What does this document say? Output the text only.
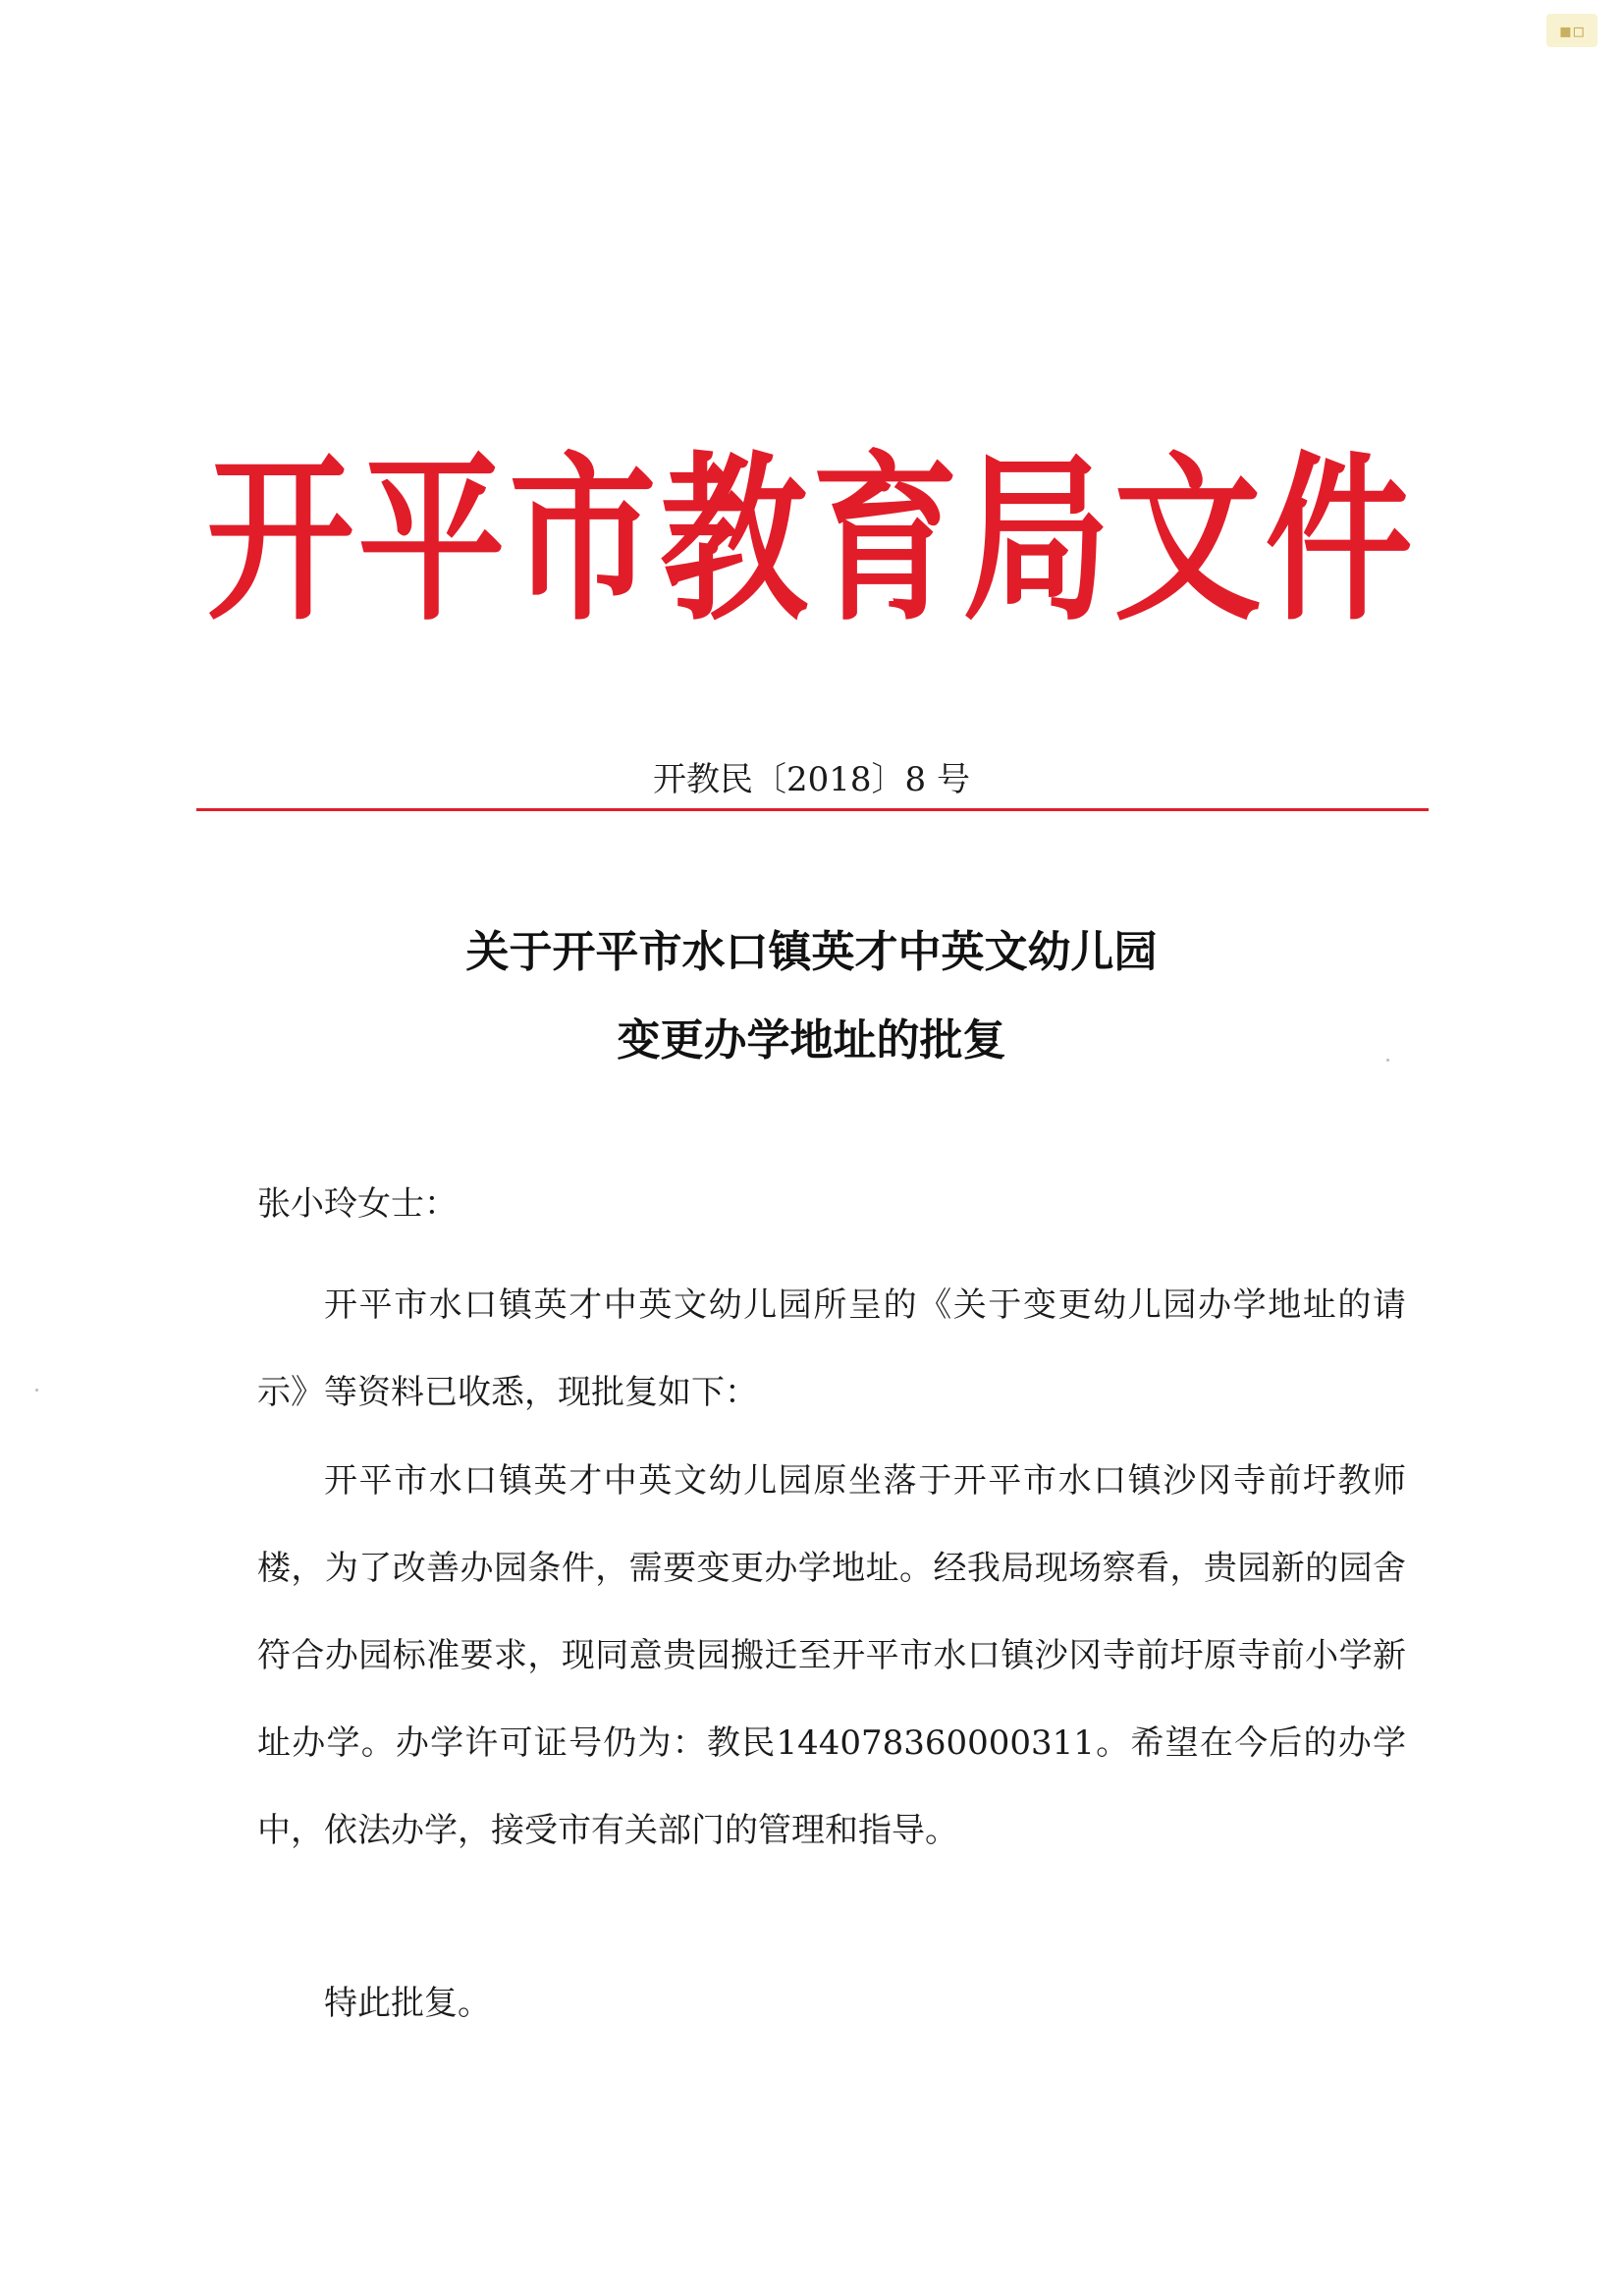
▪▫
开平市教育局文件
开教民〔2018〕8 号
关于开平市水口镇英才中英文幼儿园
变更办学地址的批复
张小玲女士：

开平市水口镇英才中英文幼儿园所呈的《关于变更幼儿园办学地址的请示》等资料已收悉，现批复如下：

开平市水口镇英才中英文幼儿园原坐落于开平市水口镇沙冈寺前圩教师楼，为了改善办园条件，需要变更办学地址。经我局现场察看，贵园新的园舍符合办园标准要求，现同意贵园搬迁至开平市水口镇沙冈寺前圩原寺前小学新址办学。办学许可证号仍为：教民144078360000311。希望在今后的办学中，依法办学，接受市有关部门的管理和指导。

特此批复。
